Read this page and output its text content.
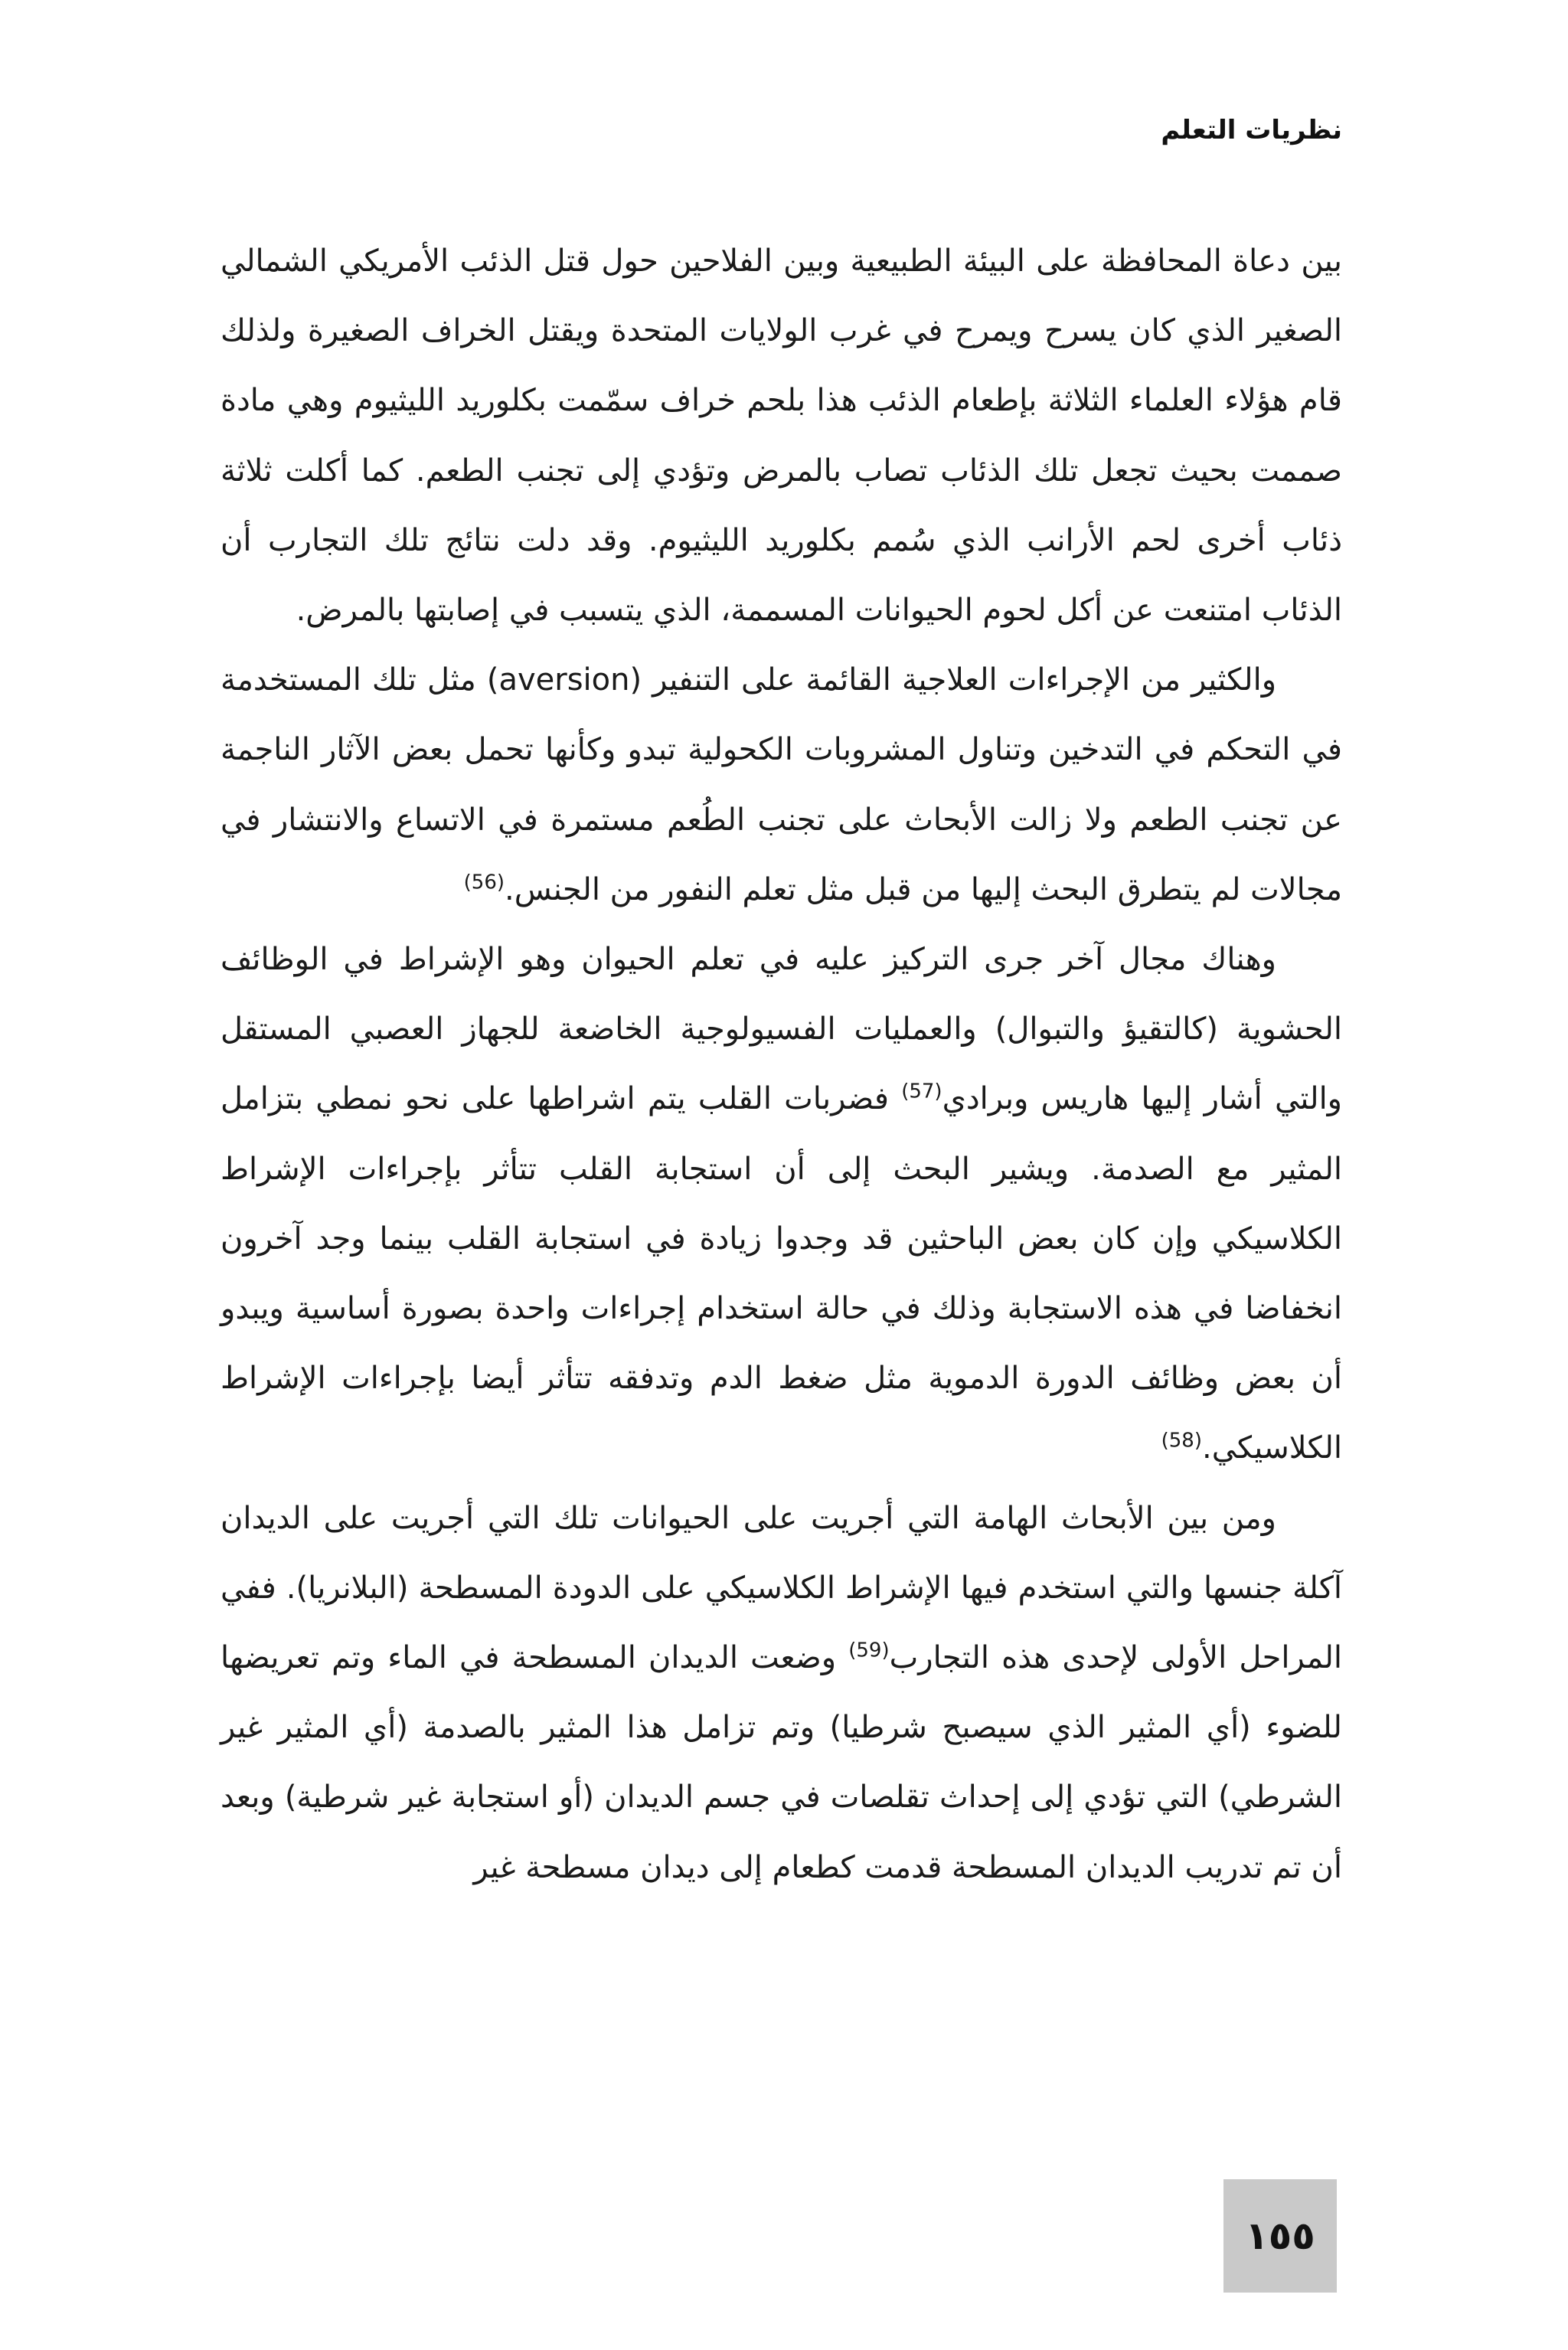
نظريات التعلم

بين دعاة المحافظة على البيئة الطبيعية وبين الفلاحين حول قتل الذئب الأمريكي الشمالي الصغير الذي كان يسرح ويمرح في غرب الولايات المتحدة ويقتل الخراف الصغيرة ولذلك قام هؤلاء العلماء الثلاثة بإطعام الذئب هذا بلحم خراف سمّمت بكلوريد الليثيوم وهي مادة صممت بحيث تجعل تلك الذئاب تصاب بالمرض وتؤدي إلى تجنب الطعم. كما أكلت ثلاثة ذئاب أخرى لحم الأرانب الذي سُمم بكلوريد الليثيوم. وقد دلت نتائج تلك التجارب أن الذئاب امتنعت عن أكل لحوم الحيوانات المسممة، الذي يتسبب في إصابتها بالمرض.

والكثير من الإجراءات العلاجية القائمة على التنفير (aversion) مثل تلك المستخدمة في التحكم في التدخين وتناول المشروبات الكحولية تبدو وكأنها تحمل بعض الآثار الناجمة عن تجنب الطعم ولا زالت الأبحاث على تجنب الطُعم مستمرة في الاتساع والانتشار في مجالات لم يتطرق البحث إليها من قبل مثل تعلم النفور من الجنس.$^{(56)}$

وهناك مجال آخر جرى التركيز عليه في تعلم الحيوان وهو الإشراط في الوظائف الحشوية (كالتقيؤ والتبوال) والعمليات الفسيولوجية الخاضعة للجهاز العصبي المستقل والتي أشار إليها هاريس وبرادي$^{(57)}$ فضربات القلب يتم اشراطها على نحو نمطي بتزامل المثير مع الصدمة. ويشير البحث إلى أن استجابة القلب تتأثر بإجراءات الإشراط الكلاسيكي وإن كان بعض الباحثين قد وجدوا زيادة في استجابة القلب بينما وجد آخرون انخفاضا في هذه الاستجابة وذلك في حالة استخدام إجراءات واحدة بصورة أساسية ويبدو أن بعض وظائف الدورة الدموية مثل ضغط الدم وتدفقه تتأثر أيضا بإجراءات الإشراط الكلاسيكي.$^{(58)}$

ومن بين الأبحاث الهامة التي أجريت على الحيوانات تلك التي أجريت على الديدان آكلة جنسها والتي استخدم فيها الإشراط الكلاسيكي على الدودة المسطحة (البلانريا). ففي المراحل الأولى لإحدى هذه التجارب$^{(59)}$ وضعت الديدان المسطحة في الماء وتم تعريضها للضوء (أي المثير الذي سيصبح شرطيا) وتم تزامل هذا المثير بالصدمة (أي المثير غير الشرطي) التي تؤدي إلى إحداث تقلصات في جسم الديدان (أو استجابة غير شرطية) وبعد أن تم تدريب الديدان المسطحة قدمت كطعام إلى ديدان مسطحة غير

١٥٥
